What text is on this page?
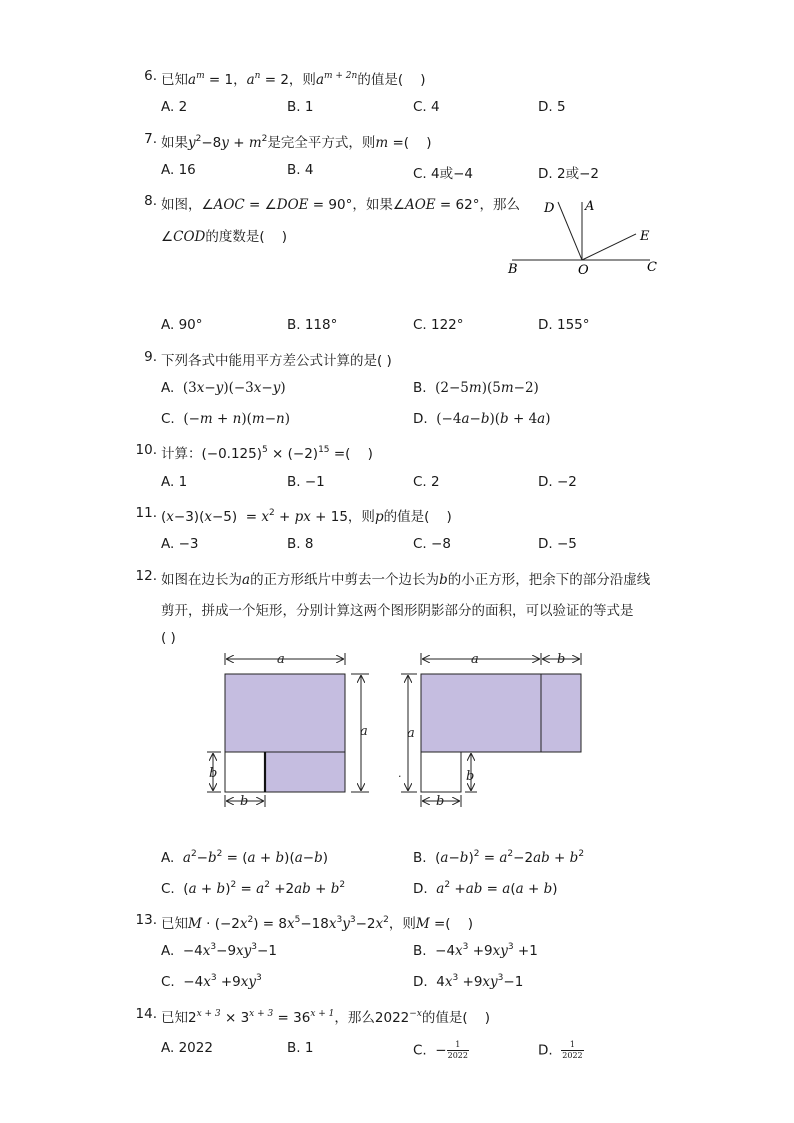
6. 已知$a^m = 1$，$a^n = 2$，则$a^{m + 2n}$的值是(    )
A. 2	B. 1	C. 4	D. 5
7. 如果$y^2-8y + m^2$是完全平方式，则m =(    )
A. 16	B. 4	C. 4或−4	D. 2或−2
8. 如图，∠AOC = ∠DOE = 90°，如果∠AOE = 62°，那么
∠COD的度数是(    )
D A
E
B	O	C
A. 90°	B. 118°	C. 122°	D. 155°
9. 下列各式中能用平方差公式计算的是( )
A.  (3x−y)(−3x−y)	B.  (2−5m)(5m−2)
C.  (−m + n)(m−n)	D.  (−4a−b)(b + 4a)
10. 计算：$(-0.125)^5 \times (-2)^{15}$ =(    )
A. 1	B. −1	C. 2	D. −2
11. $(x-3)(x-5) = x^2$ + px + 15，则p的值是(    )
A. −3	B. 8	C. −8	D. −5
12. 如图在边长为a的正方形纸片中剪去一个边长为b的小正方形，把余下的部分沿虚线
剪开，拼成一个矩形，分别计算这两个图形阴影部分的面积，可以验证的等式是
( )
a
a
b
b
a	b
a
.	b
b
A.  $a^2-b^2 = (a + b)(a-b)$	B.  $(a-b)^2 = a^2-2ab + b^2$
C.  $(a + b)^2 = a^2 +2ab + b^2$	D.  $a^2 +ab = a(a + b)$
13. 已知$M \cdot (-2x^2) = 8x^5-18x^3y^3-2x^2$，则M =(    )
A.  $-4x^3-9xy^3-1$	B.  $-4x^3 +9xy^3 +1$
C.  $-4x^3 +9xy^3$	D.  $4x^3 +9xy^3-1$
14. 已知$2^{x + 3} \times 3^{x + 3} = 36^{x + 1}$，那么$2022^{-x}$的值是(    )
A. 2022	B. 1	C.  − $\frac{1}{2022}$	D. $\frac{1}{2022}$
